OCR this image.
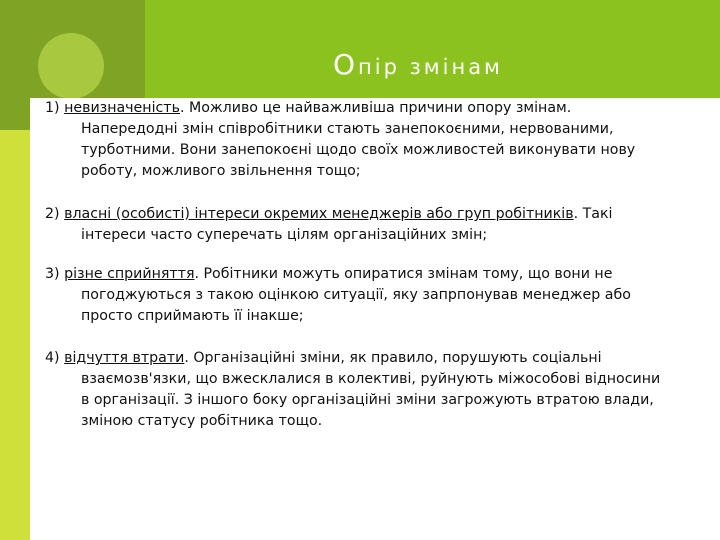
Опір змінам
1) невизначеність. Можливо це найважливіша причини опору змінам.
Напередодні змін співробітники стають занепокоєними, нервованими,
турботними. Вони занепокоєні щодо своїх можливостей виконувати нову
роботу, можливого звільнення тощо;
2) власні (особисті) інтереси окремих менеджерів або груп робітників. Такі
інтереси часто суперечать цілям організаційних змін;
3) різне сприйняття. Робітники можуть опиратися змінам тому, що вони не
погоджуються з такою оцінкою ситуації, яку запрпонував менеджер або
просто сприймають її інакше;
4) відчуття втрати. Організаційні зміни, як правило, порушують соціальні
взаємозв'язки, що вжесклалися в колективі, руйнують міжособові відносини
в організації. З іншого боку організаційні зміни загрожують втратою влади,
зміною статусу робітника тощо.
